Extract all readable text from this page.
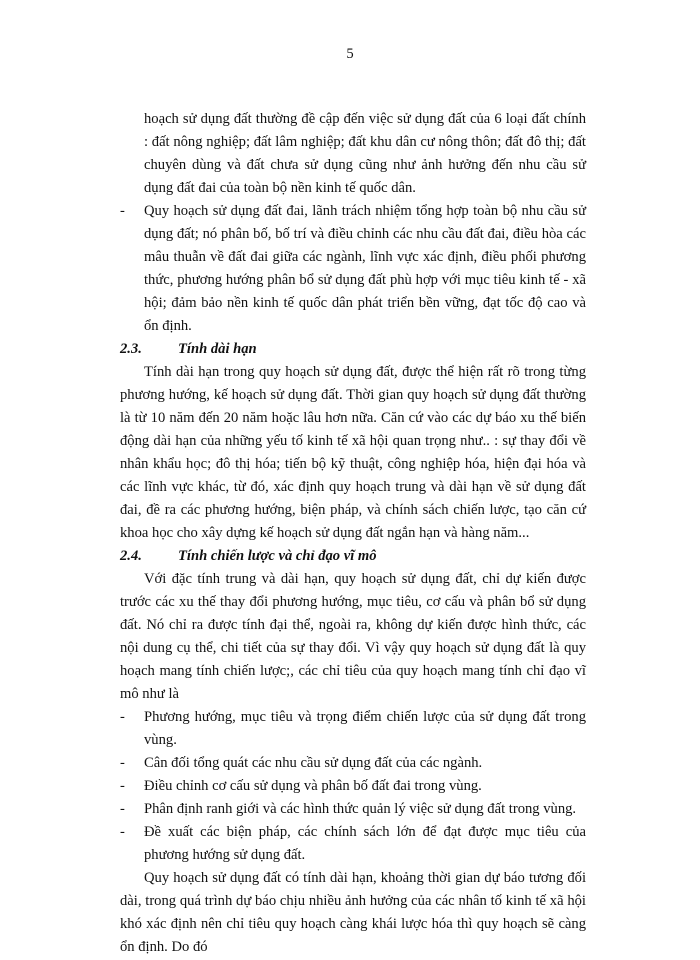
5

hoạch sử dụng đất thường đề cập đến việc sử dụng đất của 6 loại đất chính : đất nông nghiệp; đất lâm nghiệp; đất khu dân cư nông thôn; đất đô thị; đất chuyên dùng và đất chưa sử dụng cũng như ảnh hưởng đến nhu cầu sử dụng đất đai của toàn bộ nền kinh tế quốc dân.

- Quy hoạch sử dụng đất đai, lãnh trách nhiệm tổng hợp toàn bộ nhu cầu sử dụng đất; nó phân bố, bố trí và điều chỉnh các nhu cầu đất đai, điều hòa các mâu thuẫn về đất đai giữa các ngành, lĩnh vực xác định, điều phối phương thức, phương hướng phân bổ sử dụng đất phù hợp với mục tiêu kinh tế - xã hội; đảm bảo nền kinh tế quốc dân phát triển bền vững, đạt tốc độ cao và ổn định.
2.3. Tính dài hạn

Tính dài hạn trong quy hoạch sử dụng đất, được thể hiện rất rõ trong từng phương hướng, kế hoạch sử dụng đất. Thời gian quy hoạch sử dụng đất thường là từ 10 năm đến 20 năm hoặc lâu hơn nữa. Căn cứ vào các dự báo xu thế biến động dài hạn của những yếu tố kinh tế xã hội quan trọng như.. : sự thay đổi về nhân khẩu học; đô thị hóa; tiến bộ kỹ thuật, công nghiệp hóa, hiện đại hóa và các lĩnh vực khác, từ đó, xác định quy hoạch trung và dài hạn về sử dụng đất đai, đề ra các phương hướng, biện pháp, và chính sách chiến lược, tạo căn cứ khoa học cho xây dựng kế hoạch sử dụng đất ngắn hạn và hàng năm...

2.4. Tính chiến lược và chỉ đạo vĩ mô

Với đặc tính trung và dài hạn, quy hoạch sử dụng đất, chỉ dự kiến được trước các xu thế thay đổi phương hướng, mục tiêu, cơ cấu và phân bổ sử dụng đất. Nó chỉ ra được tính đại thể, ngoài ra, không dự kiến được hình thức, các nội dung cụ thể, chi tiết của sự thay đổi. Vì vậy quy hoạch sử dụng đất là quy hoạch mang tính chiến lược;, các chỉ tiêu của quy hoạch mang tính chỉ đạo vĩ mô như là

- Phương hướng, mục tiêu và trọng điểm chiến lược của sử dụng đất trong vùng.
- Cân đối tổng quát các nhu cầu sử dụng đất của các ngành.
- Điều chỉnh cơ cấu sử dụng và phân bố đất đai trong vùng.
- Phân định ranh giới và các hình thức quản lý việc sử dụng đất trong vùng.
- Đề xuất các biện pháp, các chính sách lớn để đạt được mục tiêu của phương hướng sử dụng đất.

Quy hoạch sử dụng đất có tính dài hạn, khoảng thời gian dự báo tương đối dài, trong quá trình dự báo chịu nhiều ảnh hưởng của các nhân tố kinh tế xã hội khó xác định nên chỉ tiêu quy hoạch càng khái lược hóa thì quy hoạch sẽ càng ổn định. Do đó
